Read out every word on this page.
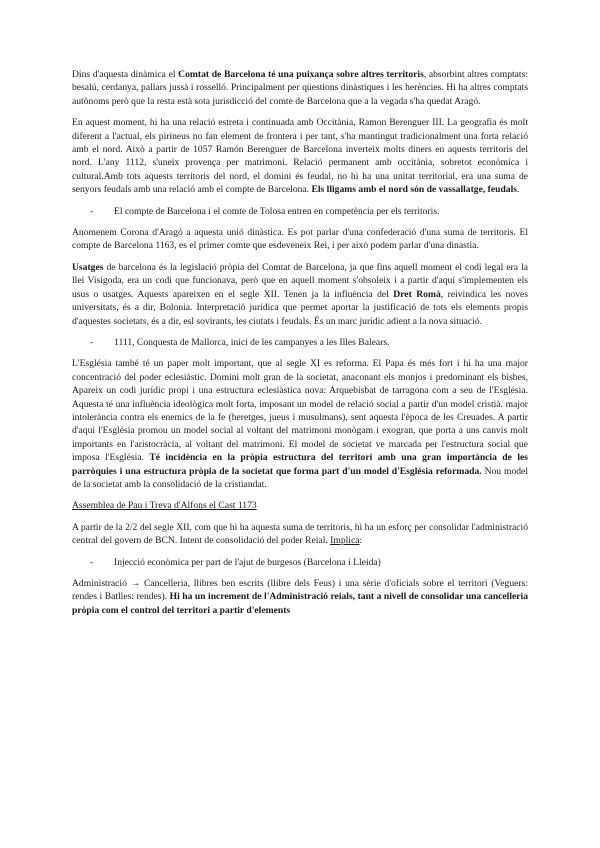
Dins d'aquesta dinàmica el Comtat de Barcelona té una puixança sobre altres territoris, absorbint altres comptats: besalú, cerdanya, pallars jussà i rosselló. Principalment per qüestions dinàstiques i les herències. Hi ha altres comptats autònoms però que la resta està sota jurisdicció del comte de Barcelona que a la vegada s'ha quedat Aragó.

En aquest moment, hi ha una relació estreta i continuada amb Occitània, Ramon Berenguer III. La geografia és molt diferent a l'actual, els pirineus no fan element de frontera i per tant, s'ha mantingut tradicionalment una forta relació amb el nord. Això a partir de 1057 Ramón Berenguer de Barcelona inverteix molts diners en aquests territoris del nord. L'any 1112, s'uneix provença per matrimoni. Relació permanent amb occitània, sobretot econòmica i cultural.Amb tots aquests territoris del nord, el domini és feudal, no hi ha una unitat territorial, era una suma de senyors feudals amb una relació amb el compte de Barcelona. Els lligams amb el nord són de vassallatge, feudals.

-	El compte de Barcelona i el comte de Tolosa entren en competència per els territoris.

Anomenem Corona d'Aragó a aquesta unió dinàstica. Es pot parlar d'una confederació d'una suma de territoris. El compte de Barcelona 1163, es el primer comte que esdeveneix Rei, i per això podem parlar d'una dinastia.

Usatges de barcelona és la legislació pròpia del Comtat de Barcelona, ja que fins aquell moment el codi legal era la llei Visigoda, era un codi que funcionava, però que en aquell moment s'obsoleix i a partir d'aquí s'implementen els usus o usatges. Aquests apareixen en el segle XII. Tenen ja la influència del Dret Romà, reivindica les noves universitats, és a dir, Bolonia. Interpretació jurídica que permet aportar la justificació de tots els elements propis d'aquestes societats, és a dir, esl sovirants, les ciutats i feudals. És un marc jurídic adient a la nova situació.

-	1111, Conquesta de Mallorca, inici de les campanyes a les Illes Balears.

L'Església també té un paper molt important, que al segle XI es reforma. El Papa és més fort i hi ha una major concentració del poder eclesiàstic. Domini molt gran de la societat, anaconant els monjos i predominant els bisbes, Apareix un codi jurídic propi i una estructura eclesiàstica nova: Arquebisbat de tarragona com a seu de l'Església. Aquesta té una influència ideològica molt forta, imposant un model de relació social a partir d'un model cristià. major intolerància contra els enemics de la fe (heretges, jueus i musulmans), sent aquesta l'època de les Creuades. A partir d'aquí l'Església promou un model social al voltant del matrimoni monògam i exogran, que porta a uns canvis molt importants en l'aristocràcia, al voltant del matrimoni. El model de societat ve marcada per l'estructura social que imposa l'Església. Té incidència en la pròpia estructura del territori amb una gran importància de les parròquies i una estructura pròpia de la societat que forma part d'un model d'Església reformada. Nou model de la societat amb la consolidació de la cristiandat.

Assemblea de Pau i Treva d'Alfons el Cast 1173

A partir de la 2/2 del segle XII, com que hi ha aquesta suma de territoris, hi ha un esforç per consolidar l'administració central del govern de BCN. Intent de consolidació del poder Reial. Implica:

-	Injecció econòmica per part de l'ajut de burgesos (Barcelona i Lleida)

Administració → Cancelleria, llibres ben escrits (llibre dels Feus) i una sèrie d'oficials sobre el territori (Veguers: rendes i Batlles: rendes). Hi ha un increment de l'Administració reials, tant a nivell de consolidar una cancelleria pròpia com el control del territori a partir d'elements
